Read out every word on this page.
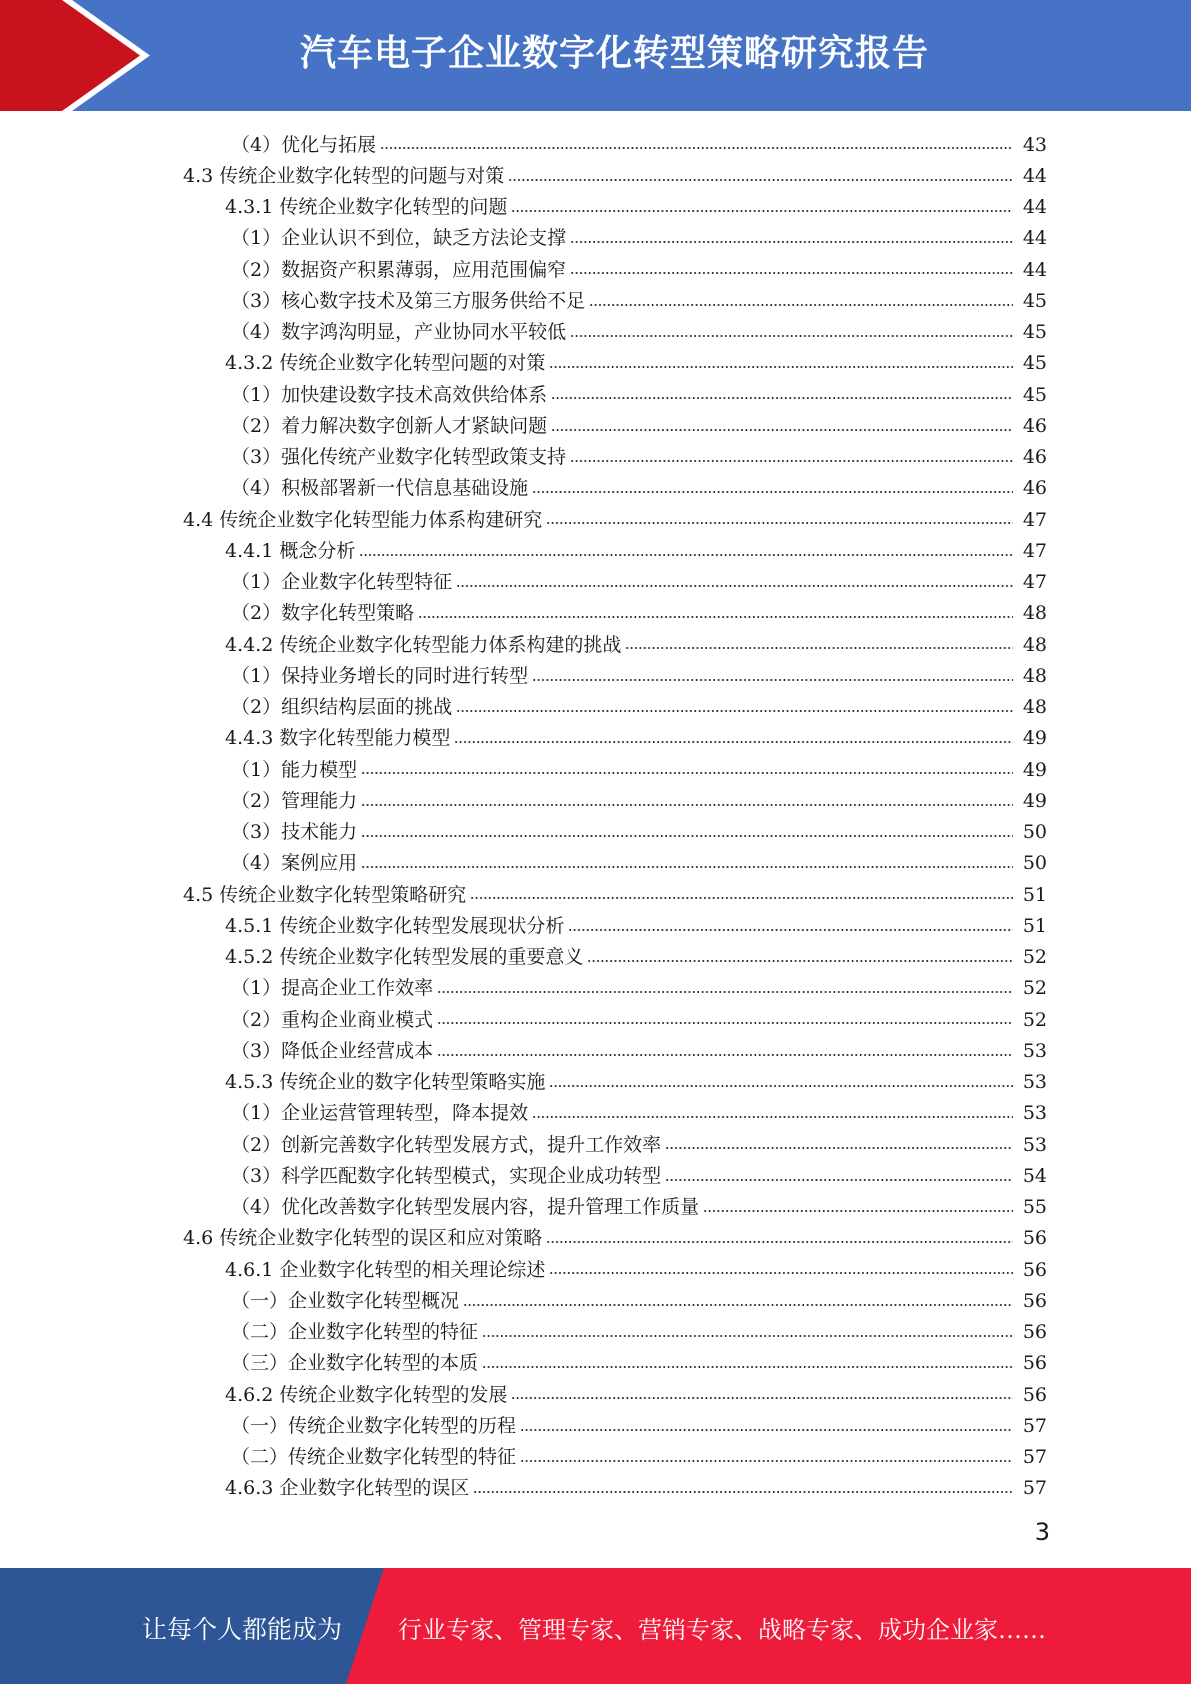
汽车电子企业数字化转型策略研究报告
（4）优化与拓展	43
4.3 传统企业数字化转型的问题与对策	44
4.3.1 传统企业数字化转型的问题	44
（1）企业认识不到位，缺乏方法论支撑	44
（2）数据资产积累薄弱，应用范围偏窄	44
（3）核心数字技术及第三方服务供给不足	45
（4）数字鸿沟明显，产业协同水平较低	45
4.3.2 传统企业数字化转型问题的对策	45
（1）加快建设数字技术高效供给体系	45
（2）着力解决数字创新人才紧缺问题	46
（3）强化传统产业数字化转型政策支持	46
（4）积极部署新一代信息基础设施	46
4.4 传统企业数字化转型能力体系构建研究	47
4.4.1 概念分析	47
（1）企业数字化转型特征	47
（2）数字化转型策略	48
4.4.2 传统企业数字化转型能力体系构建的挑战	48
（1）保持业务增长的同时进行转型	48
（2）组织结构层面的挑战	48
4.4.3 数字化转型能力模型	49
（1）能力模型	49
（2）管理能力	49
（3）技术能力	50
（4）案例应用	50
4.5 传统企业数字化转型策略研究	51
4.5.1 传统企业数字化转型发展现状分析	51
4.5.2 传统企业数字化转型发展的重要意义	52
（1）提高企业工作效率	52
（2）重构企业商业模式	52
（3）降低企业经营成本	53
4.5.3 传统企业的数字化转型策略实施	53
（1）企业运营管理转型，降本提效	53
（2）创新完善数字化转型发展方式，提升工作效率	53
（3）科学匹配数字化转型模式，实现企业成功转型	54
（4）优化改善数字化转型发展内容，提升管理工作质量	55
4.6 传统企业数字化转型的误区和应对策略	56
4.6.1 企业数字化转型的相关理论综述	56
（一）企业数字化转型概况	56
（二）企业数字化转型的特征	56
（三）企业数字化转型的本质	56
4.6.2 传统企业数字化转型的发展	56
（一）传统企业数字化转型的历程	57
（二）传统企业数字化转型的特征	57
4.6.3 企业数字化转型的误区	57
3
让每个人都能成为 行业专家、管理专家、营销专家、战略专家、成功企业家……
